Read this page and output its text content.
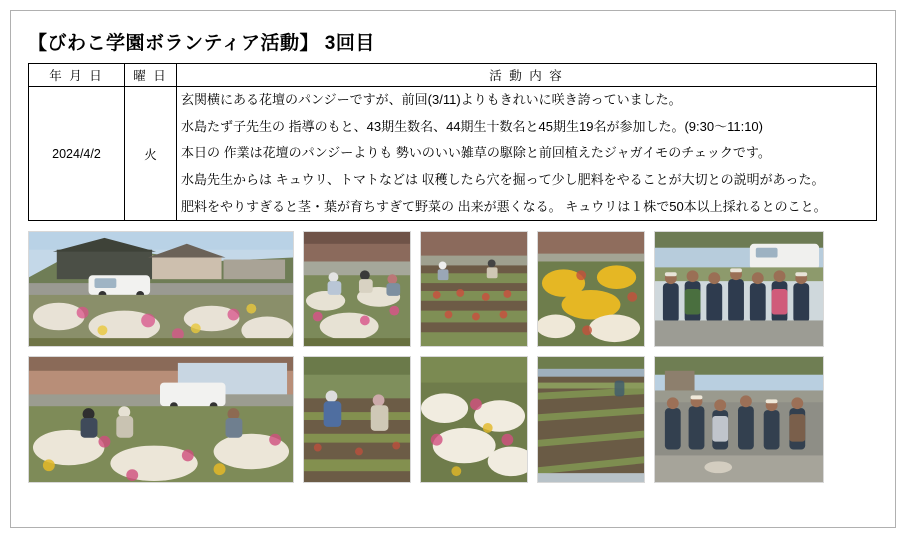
【びわこ学園ボランティア活動】 3回目
年 月 日	曜 日	活 動 内 容
2024/4/2	火	玄関横にある花壇のパンジーですが、前回(3/11)よりもきれいに咲き誇っていました。
水島たず子先生の 指導のもと、43期生数名、44期生十数名と45期生19名が参加した。(9:30〜11:10)
本日の 作業は花壇のパンジーよりも 勢いのいい雑草の駆除と前回植えたジャガイモのチェックです。
水島先生からは キュウリ、トマトなどは 収穫したら穴を掘って少し肥料をやることが大切との説明があった。
肥料をやりすぎると茎・葉が育ちすぎて野菜の 出来が悪くなる。 キュウリは１株で50本以上採れるとのこと。
